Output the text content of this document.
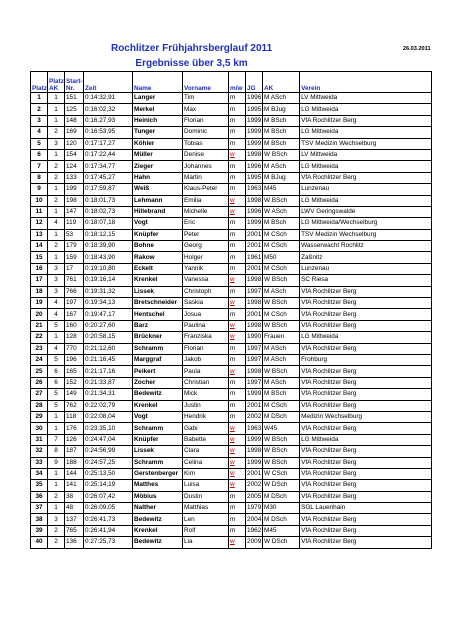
			Rochlitzer Frühjahrsberglauf 2011						26.03.2011
			Ergebnisse über 3,5 km						
Platz	Platz AK	Start-Nr.	Zeit	Name	Vorname	m/w	JG	AK	Verein
1	1	151	0:14:32,91	Langer	Tim	m	1996	M ASch	LV Mittweida
2	1	125	0:16:02,32	Merkel	Max	m	1995	M BJug	LG Mittweida
3	1	148	0:16:27,93	Heinich	Florian	m	1999	M BSch	VfA Rochlitzer Berg
4	2	169	0:16:53,95	Tunger	Dominic	m	1999	M BSch	LG Mittweida
5	3	120	0:17:17,27	Köhler	Tobias	m	1999	M BSch	TSV Medizin Wechselburg
6	1	154	0:17:22,44	Müller	Denise	w	1998	W BSch	LV Mittweida
7	2	124	0:17:34,77	Zieger	Johannes	m	1996	M ASch	LG Mittweida
8	2	133	0:17:45,27	Hahn	Martin	m	1995	M BJug	VfA Rochlitzer Berg
9	1	199	0:17:59,87	Weiß	Klaus-Peter	m	1963	M45	Lunzenau
10	2	198	0:18:01,73	Lehmann	Emilia	w	1998	W BSch	LG Mittweida
11	1	147	0:18:02,73	Hillebrand	Michelle	w	1996	W ASch	LWV Geringswalde
12	4	119	0:18:07,18	Vogt	Eric	m	1999	M BSch	LG Mittweida/Wechselburg
13	1	53	0:18:12,15	Knüpfer	Peter	m	2001	M CSch	TSV Medizin Wechselburg
14	2	179	0:18:39,90	Bohne	Georg	m	2001	M CSch	Wasserwacht Rochlitz
15	1	159	0:18:43,90	Rakow	Holger	m	1961	M50	Zaßnitz
16	3	17	0:19:10,80	Eckelt	Yannik	m	2001	M CSch	Lunzenau
17	3	761	0:19:16,14	Krenkel	Vanessa	w	1998	W BSch	SC Riesa
18	3	766	0:19:31,32	Lissek	Christoph	m	1997	M ASch	VfA Rochlitzer Berg
19	4	197	0:19:34,13	Bretschneider	Saskia	w	1998	W BSch	VfA Rochlitzer Berg
20	4	167	0:19:47,17	Hentschel	Josua	m	2001	M CSch	VfA Rochlitzer Berg
21	5	160	0:20:27,60	Barz	Paulina	w	1998	W BSch	VfA Rochlitzer Berg
22	1	128	0:20:58,15	Brückner	Franziska	w	1990	Frauen	LG Mittweida
23	4	770	0:21:12,60	Schramm	Florian	m	1997	M ASch	VfA Rochlitzer Berg
24	5	196	0:21:16,45	Marggraf	Jakob	m	1997	M ASch	Frohburg
25	6	165	0:21:17,16	Peikert	Paula	w	1998	W BSch	VfA Rochlitzer Berg
26	6	152	0:21:33,87	Zocher	Christian	m	1997	M ASch	VfA Rochlitzer Berg
27	5	149	0:21:34,31	Bedewitz	Mick	m	1999	M BSch	VfA Rochlitzer Berg
28	5	762	0:22:02,79	Krenkel	Justin	m	2001	M CSch	VfA Rochlitzer Berg
29	1	118	0:22:08,04	Vogt	Hendrik	m	2002	M DSch	Medizin Wechselburg
30	1	176	0:23:35,10	Schramm	Gabi	w	1963	W45	VfA Rochlitzer Berg
31	7	126	0:24:47,04	Knüpfer	Babette	w	1999	W BSch	LG Mittweida
32	8	187	0:24:56,99	Lissek	Clara	w	1998	W BSch	VfA Rochlitzer Berg
33	9	188	0:24:57,25	Schramm	Celina	w	1999	W BSch	VfA Rochlitzer Berg
34	1	144	0:25:13,50	Gerstenberger	Kim	w	2001	W CSch	VfA Rochlitzer Berg
35	1	141	0:25:14,19	Matthes	Luisa	w	2002	W DSch	VfA Rochlitzer Berg
36	2	38	0:26:07,42	Möbius	Dustin	m	2005	M DSch	VfA Rochlitzer Berg
37	1	48	0:26:09,05	Nalther	Matthias	m	1979	M30	SGL Lauenhain
38	3	137	0:26:41,73	Bedewitz	Len	m	2004	M DSch	VfA Rochlitzer Berg
39	2	765	0:26:41,94	Krenkel	Rolf	m	1962	M45	VfA Rochlitzer Berg
40	2	136	0:27:25,73	Bedewitz	Lia	w	2009	W DSch	VfA Rochlitzer Berg
